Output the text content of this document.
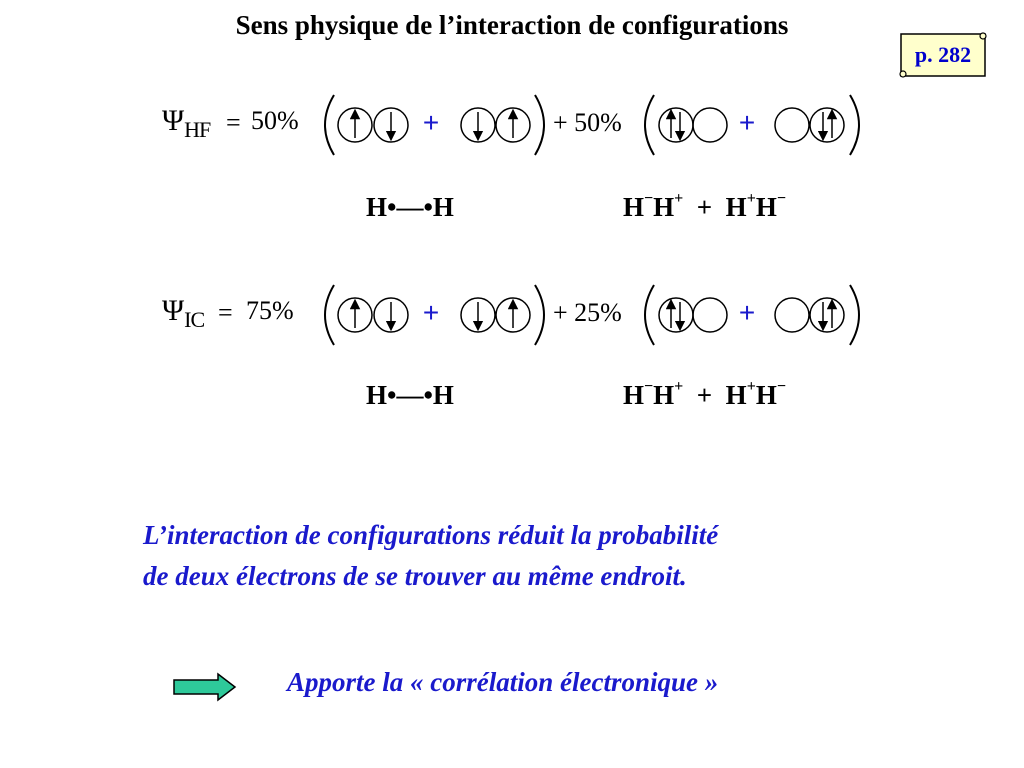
Sens physique de l’interaction de configurations
p. 282
ΨHF = 50%	+ 50%
+	+
H•—•H	H−H+ + H+H−
ΨIC = 75%	+ 25%
+	+
H•—•H	H−H+ + H+H−
L’interaction de configurations réduit la probabilité
de deux électrons de se trouver au même endroit.
Apporte la « corrélation électronique »
